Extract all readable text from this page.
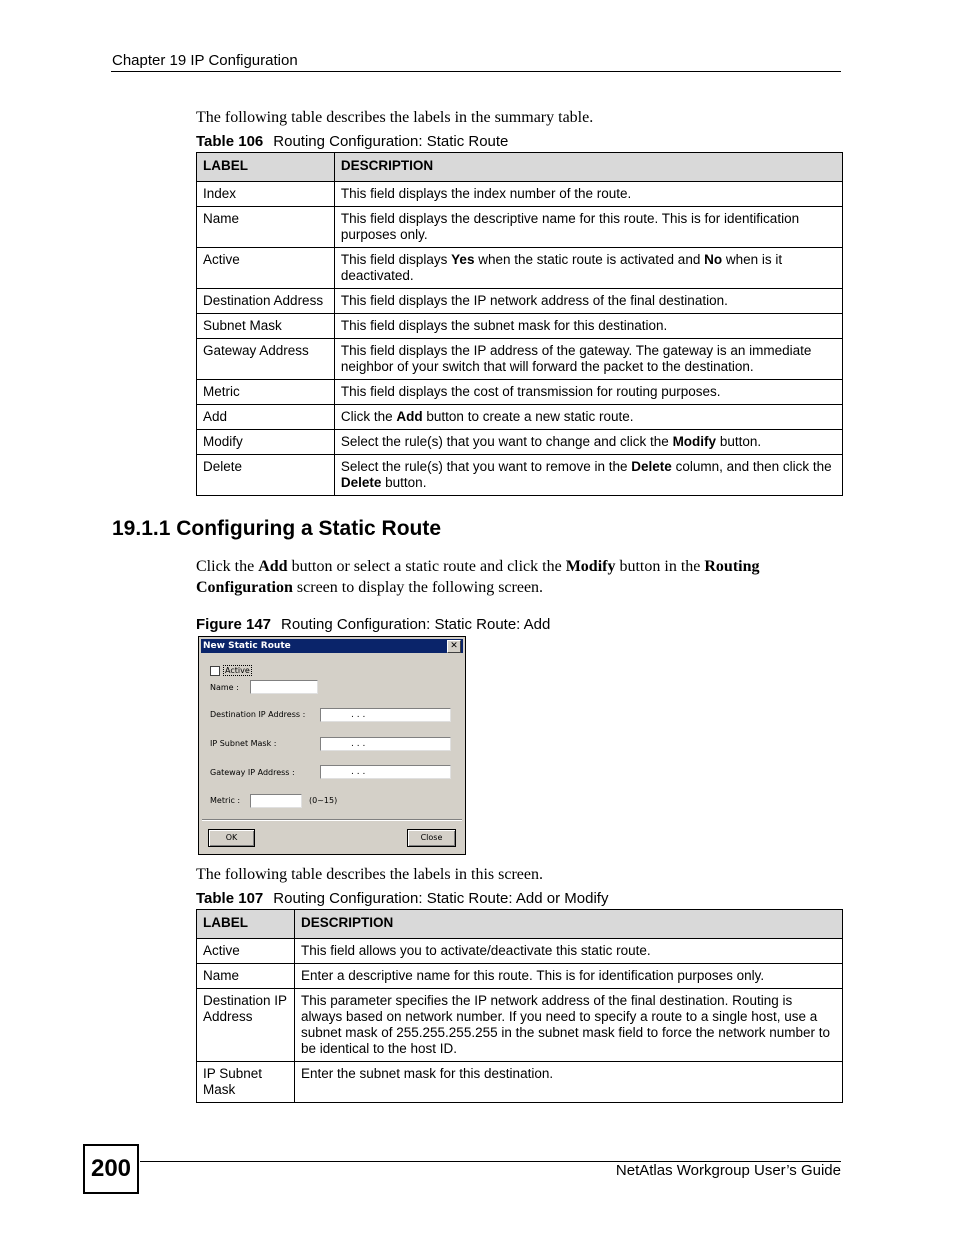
Chapter 19 IP Configuration
The following table describes the labels in the summary table.
Table 106 Routing Configuration: Static Route
LABEL	DESCRIPTION
Index	This field displays the index number of the route.
Name	This field displays the descriptive name for this route. This is for identification purposes only.
Active	This field displays Yes when the static route is activated and No when is it deactivated.
Destination Address	This field displays the IP network address of the final destination.
Subnet Mask	This field displays the subnet mask for this destination.
Gateway Address	This field displays the IP address of the gateway. The gateway is an immediate neighbor of your switch that will forward the packet to the destination.
Metric	This field displays the cost of transmission for routing purposes.
Add	Click the Add button to create a new static route.
Modify	Select the rule(s) that you want to change and click the Modify button.
Delete	Select the rule(s) that you want to remove in the Delete column, and then click the Delete button.
19.1.1 Configuring a Static Route
Click the Add button or select a static route and click the Modify button in the Routing Configuration screen to display the following screen.
Figure 147 Routing Configuration: Static Route: Add
New Static Route	✕
Active
Name :
Destination IP Address :	. . .
IP Subnet Mask :	. . .
Gateway IP Address :	. . .
Metric :	(0~15)
OK	Close
The following table describes the labels in this screen.
Table 107 Routing Configuration: Static Route: Add or Modify
LABEL	DESCRIPTION
Active	This field allows you to activate/deactivate this static route.
Name	Enter a descriptive name for this route. This is for identification purposes only.
Destination IP Address	This parameter specifies the IP network address of the final destination. Routing is always based on network number. If you need to specify a route to a single host, use a subnet mask of 255.255.255.255 in the subnet mask field to force the network number to be identical to the host ID.
IP Subnet Mask	Enter the subnet mask for this destination.
200	NetAtlas Workgroup User’s Guide
